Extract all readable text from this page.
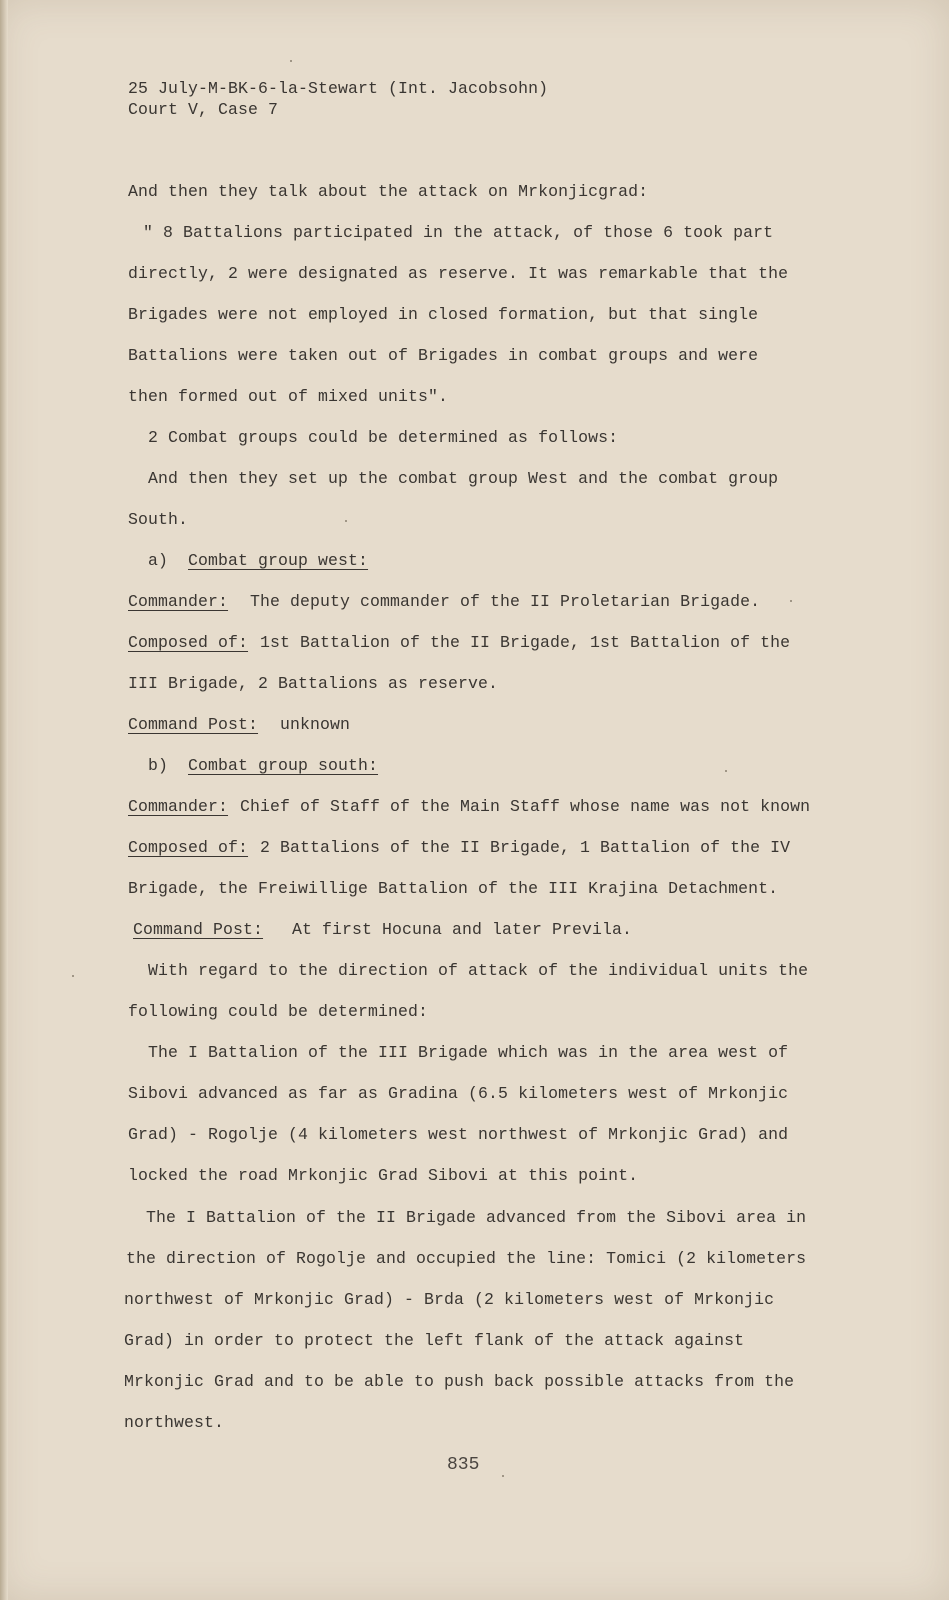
25 July-M-BK-6-la-Stewart (Int. Jacobsohn)
Court V, Case 7
And then they talk about the attack on Mrkonjicgrad:
" 8 Battalions participated in the attack, of those 6 took part
directly, 2 were designated as reserve. It was remarkable that the
Brigades were not employed in closed formation, but that single
Battalions were taken out of Brigades in combat groups and were
then formed out of mixed units".
2 Combat groups could be determined as follows:
And then they set up the combat group West and the combat group
South.
a) Combat group west:
Commander: The deputy commander of the II Proletarian Brigade.
Composed of: 1st Battalion of the II Brigade, 1st Battalion of the
III Brigade, 2 Battalions as reserve.
Command Post: unknown
b) Combat group south:
Commander: Chief of Staff of the Main Staff whose name was not known
Composed of: 2 Battalions of the II Brigade, 1 Battalion of the IV
Brigade, the Freiwillige Battalion of the III Krajina Detachment.
Command Post: At first Hocuna and later Previla.
With regard to the direction of attack of the individual units the
following could be determined:
The I Battalion of the III Brigade which was in the area west of
Sibovi advanced as far as Gradina (6.5 kilometers west of Mrkonjic
Grad) - Rogolje (4 kilometers west northwest of Mrkonjic Grad) and
locked the road Mrkonjic Grad Sibovi at this point.
The I Battalion of the II Brigade advanced from the Sibovi area in
the direction of Rogolje and occupied the line: Tomici (2 kilometers
northwest of Mrkonjic Grad) - Brda (2 kilometers west of Mrkonjic
Grad) in order to protect the left flank of the attack against
Mrkonjic Grad and to be able to push back possible attacks from the
northwest.
835
